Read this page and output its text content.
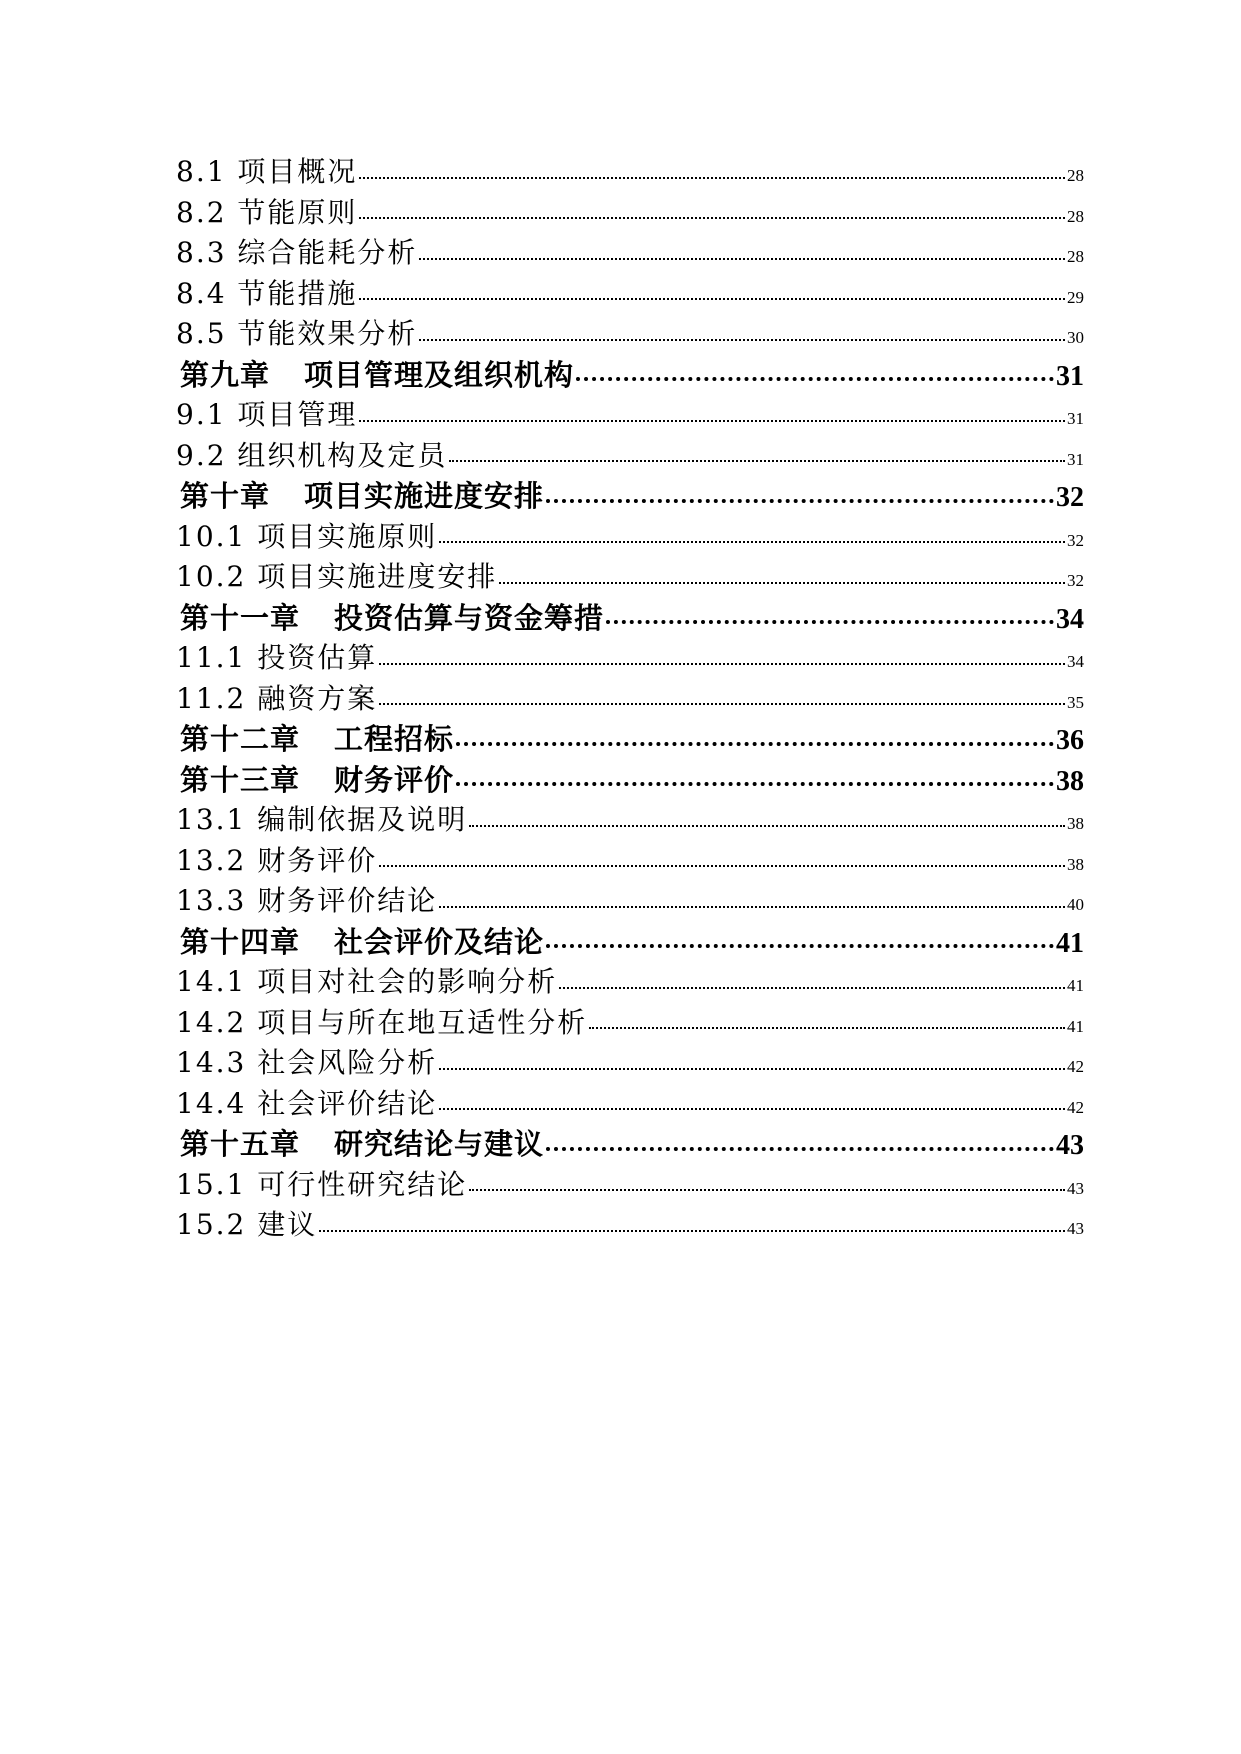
8.1 项目概况	28
8.2 节能原则	28
8.3 综合能耗分析	28
8.4 节能措施	29
8.5 节能效果分析	30
第九章 项目管理及组织机构	31
9.1 项目管理	31
9.2 组织机构及定员	31
第十章 项目实施进度安排	32
10.1 项目实施原则	32
10.2 项目实施进度安排	32
第十一章 投资估算与资金筹措	34
11.1 投资估算	34
11.2 融资方案	35
第十二章 工程招标	36
第十三章 财务评价	38
13.1 编制依据及说明	38
13.2 财务评价	38
13.3 财务评价结论	40
第十四章 社会评价及结论	41
14.1 项目对社会的影响分析	41
14.2 项目与所在地互适性分析	41
14.3 社会风险分析	42
14.4 社会评价结论	42
第十五章 研究结论与建议	43
15.1 可行性研究结论	43
15.2 建议	43
